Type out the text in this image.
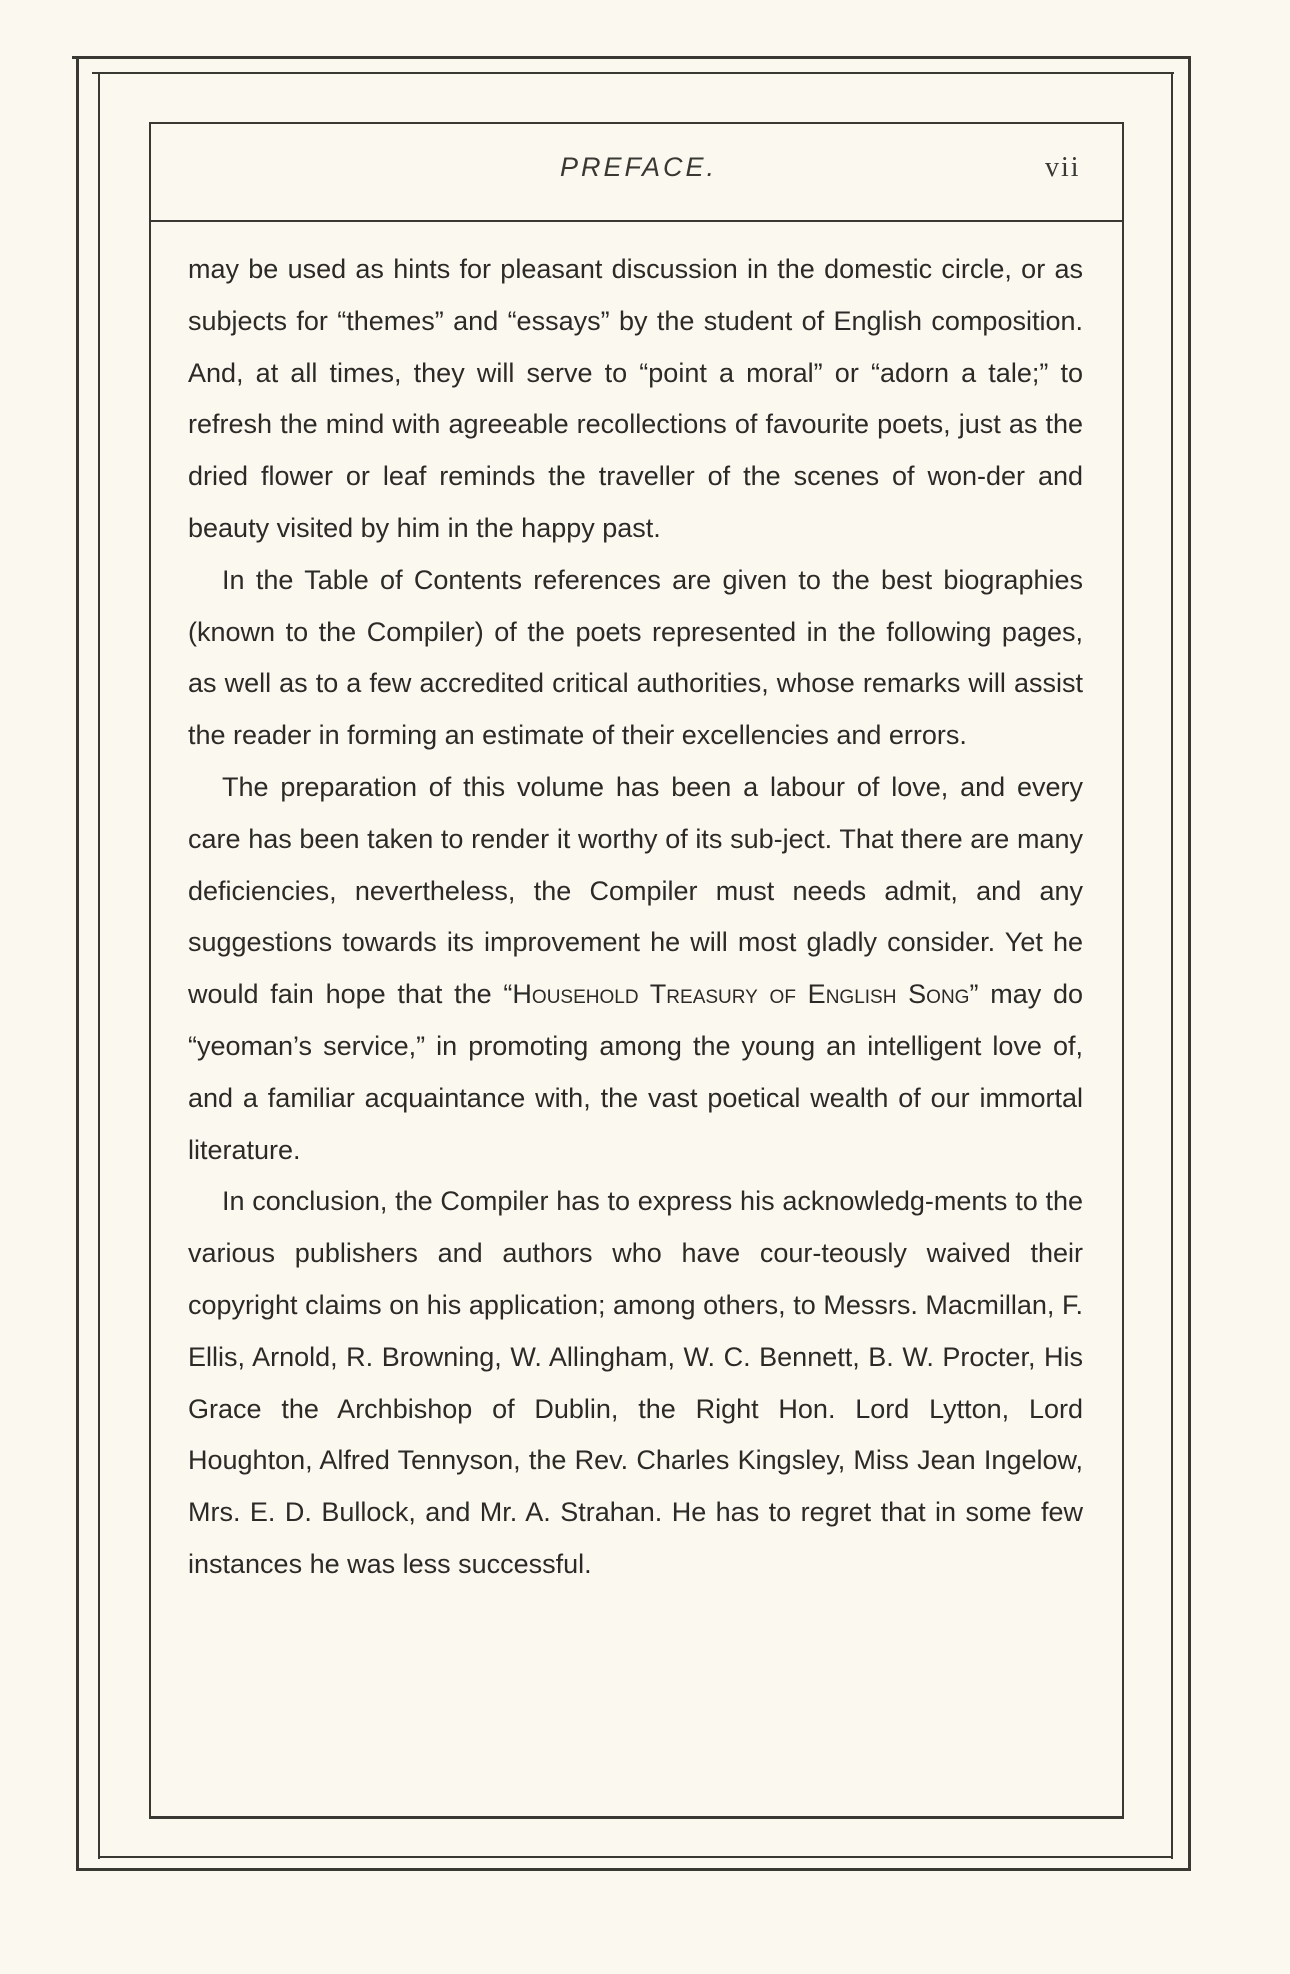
PREFACE.	vii

may be used as hints for pleasant discussion in the domestic circle, or as subjects for “themes” and “essays” by the student of English composition. And, at all times, they will serve to “point a moral” or “adorn a tale;” to refresh the mind with agreeable recollections of favourite poets, just as the dried flower or leaf reminds the traveller of the scenes of won-der and beauty visited by him in the happy past.

In the Table of Contents references are given to the best biographies (known to the Compiler) of the poets represented in the following pages, as well as to a few accredited critical authorities, whose remarks will assist the reader in forming an estimate of their excellencies and errors.

The preparation of this volume has been a labour of love, and every care has been taken to render it worthy of its sub-ject. That there are many deficiencies, nevertheless, the Compiler must needs admit, and any suggestions towards its improvement he will most gladly consider. Yet he would fain hope that the “Household Treasury of English Song” may do “yeoman’s service,” in promoting among the young an intelligent love of, and a familiar acquaintance with, the vast poetical wealth of our immortal literature.

In conclusion, the Compiler has to express his acknowledg-ments to the various publishers and authors who have cour-teously waived their copyright claims on his application; among others, to Messrs. Macmillan, F. Ellis, Arnold, R. Browning, W. Allingham, W. C. Bennett, B. W. Procter, His Grace the Archbishop of Dublin, the Right Hon. Lord Lytton, Lord Houghton, Alfred Tennyson, the Rev. Charles Kingsley, Miss Jean Ingelow, Mrs. E. D. Bullock, and Mr. A. Strahan. He has to regret that in some few instances he was less successful.
